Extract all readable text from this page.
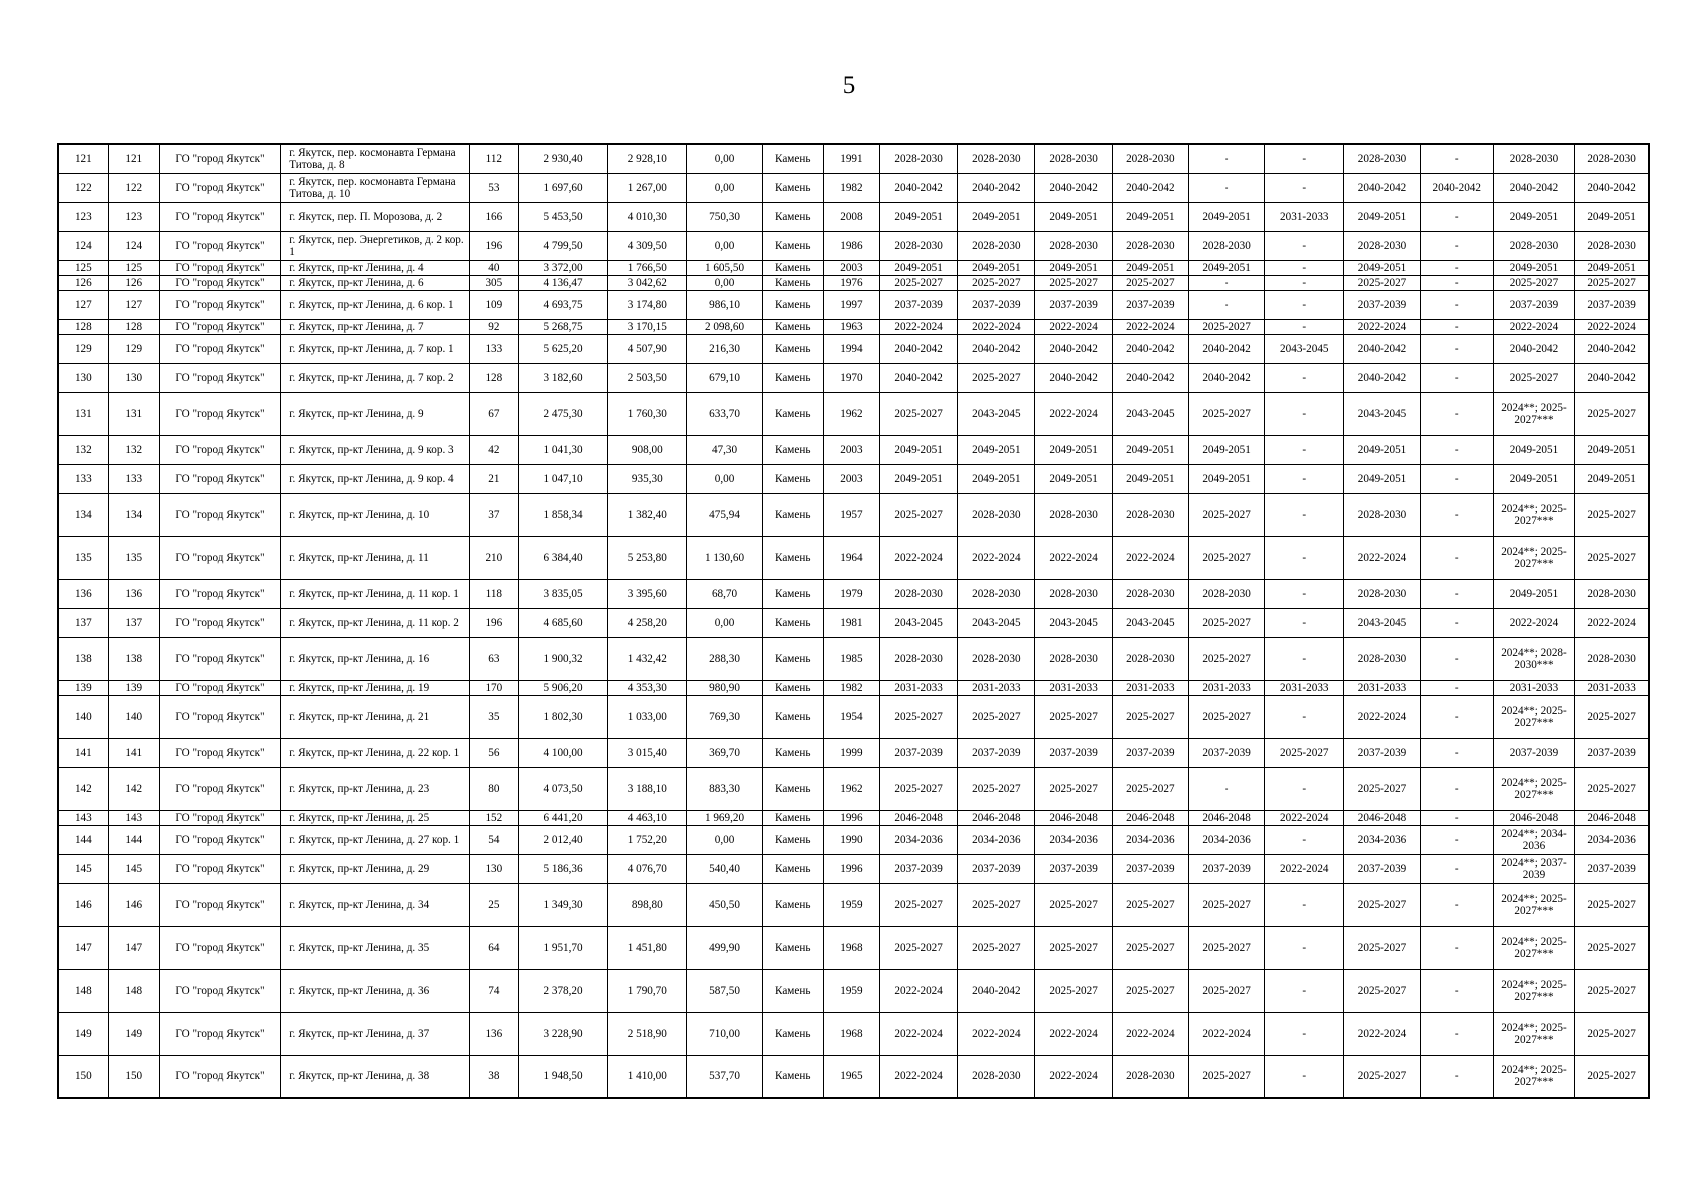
5
121	121	ГО "город Якутск"	г. Якутск, пер. космонавта Германа Титова, д. 8	112	2 930,40	2 928,10	0,00	Камень	1991	2028-2030	2028-2030	2028-2030	2028-2030	-	-	2028-2030	-	2028-2030	2028-2030
122	122	ГО "город Якутск"	г. Якутск, пер. космонавта Германа Титова, д. 10	53	1 697,60	1 267,00	0,00	Камень	1982	2040-2042	2040-2042	2040-2042	2040-2042	-	-	2040-2042	2040-2042	2040-2042	2040-2042
123	123	ГО "город Якутск"	г. Якутск, пер. П. Морозова, д. 2	166	5 453,50	4 010,30	750,30	Камень	2008	2049-2051	2049-2051	2049-2051	2049-2051	2049-2051	2031-2033	2049-2051	-	2049-2051	2049-2051
124	124	ГО "город Якутск"	г. Якутск, пер. Энергетиков, д. 2 кор. 1	196	4 799,50	4 309,50	0,00	Камень	1986	2028-2030	2028-2030	2028-2030	2028-2030	2028-2030	-	2028-2030	-	2028-2030	2028-2030
125	125	ГО "город Якутск"	г. Якутск, пр-кт Ленина, д. 4	40	3 372,00	1 766,50	1 605,50	Камень	2003	2049-2051	2049-2051	2049-2051	2049-2051	2049-2051	-	2049-2051	-	2049-2051	2049-2051
126	126	ГО "город Якутск"	г. Якутск, пр-кт Ленина, д. 6	305	4 136,47	3 042,62	0,00	Камень	1976	2025-2027	2025-2027	2025-2027	2025-2027	-	-	2025-2027	-	2025-2027	2025-2027
127	127	ГО "город Якутск"	г. Якутск, пр-кт Ленина, д. 6 кор. 1	109	4 693,75	3 174,80	986,10	Камень	1997	2037-2039	2037-2039	2037-2039	2037-2039	-	-	2037-2039	-	2037-2039	2037-2039
128	128	ГО "город Якутск"	г. Якутск, пр-кт Ленина, д. 7	92	5 268,75	3 170,15	2 098,60	Камень	1963	2022-2024	2022-2024	2022-2024	2022-2024	2025-2027	-	2022-2024	-	2022-2024	2022-2024
129	129	ГО "город Якутск"	г. Якутск, пр-кт Ленина, д. 7 кор. 1	133	5 625,20	4 507,90	216,30	Камень	1994	2040-2042	2040-2042	2040-2042	2040-2042	2040-2042	2043-2045	2040-2042	-	2040-2042	2040-2042
130	130	ГО "город Якутск"	г. Якутск, пр-кт Ленина, д. 7 кор. 2	128	3 182,60	2 503,50	679,10	Камень	1970	2040-2042	2025-2027	2040-2042	2040-2042	2040-2042	-	2040-2042	-	2025-2027	2040-2042
131	131	ГО "город Якутск"	г. Якутск, пр-кт Ленина, д. 9	67	2 475,30	1 760,30	633,70	Камень	1962	2025-2027	2043-2045	2022-2024	2043-2045	2025-2027	-	2043-2045	-	2024**; 2025-2027***	2025-2027
132	132	ГО "город Якутск"	г. Якутск, пр-кт Ленина, д. 9 кор. 3	42	1 041,30	908,00	47,30	Камень	2003	2049-2051	2049-2051	2049-2051	2049-2051	2049-2051	-	2049-2051	-	2049-2051	2049-2051
133	133	ГО "город Якутск"	г. Якутск, пр-кт Ленина, д. 9 кор. 4	21	1 047,10	935,30	0,00	Камень	2003	2049-2051	2049-2051	2049-2051	2049-2051	2049-2051	-	2049-2051	-	2049-2051	2049-2051
134	134	ГО "город Якутск"	г. Якутск, пр-кт Ленина, д. 10	37	1 858,34	1 382,40	475,94	Камень	1957	2025-2027	2028-2030	2028-2030	2028-2030	2025-2027	-	2028-2030	-	2024**; 2025-2027***	2025-2027
135	135	ГО "город Якутск"	г. Якутск, пр-кт Ленина, д. 11	210	6 384,40	5 253,80	1 130,60	Камень	1964	2022-2024	2022-2024	2022-2024	2022-2024	2025-2027	-	2022-2024	-	2024**; 2025-2027***	2025-2027
136	136	ГО "город Якутск"	г. Якутск, пр-кт Ленина, д. 11 кор. 1	118	3 835,05	3 395,60	68,70	Камень	1979	2028-2030	2028-2030	2028-2030	2028-2030	2028-2030	-	2028-2030	-	2049-2051	2028-2030
137	137	ГО "город Якутск"	г. Якутск, пр-кт Ленина, д. 11 кор. 2	196	4 685,60	4 258,20	0,00	Камень	1981	2043-2045	2043-2045	2043-2045	2043-2045	2025-2027	-	2043-2045	-	2022-2024	2022-2024
138	138	ГО "город Якутск"	г. Якутск, пр-кт Ленина, д. 16	63	1 900,32	1 432,42	288,30	Камень	1985	2028-2030	2028-2030	2028-2030	2028-2030	2025-2027	-	2028-2030	-	2024**; 2028-2030***	2028-2030
139	139	ГО "город Якутск"	г. Якутск, пр-кт Ленина, д. 19	170	5 906,20	4 353,30	980,90	Камень	1982	2031-2033	2031-2033	2031-2033	2031-2033	2031-2033	2031-2033	2031-2033	-	2031-2033	2031-2033
140	140	ГО "город Якутск"	г. Якутск, пр-кт Ленина, д. 21	35	1 802,30	1 033,00	769,30	Камень	1954	2025-2027	2025-2027	2025-2027	2025-2027	2025-2027	-	2022-2024	-	2024**; 2025-2027***	2025-2027
141	141	ГО "город Якутск"	г. Якутск, пр-кт Ленина, д. 22 кор. 1	56	4 100,00	3 015,40	369,70	Камень	1999	2037-2039	2037-2039	2037-2039	2037-2039	2037-2039	2025-2027	2037-2039	-	2037-2039	2037-2039
142	142	ГО "город Якутск"	г. Якутск, пр-кт Ленина, д. 23	80	4 073,50	3 188,10	883,30	Камень	1962	2025-2027	2025-2027	2025-2027	2025-2027	-	-	2025-2027	-	2024**; 2025-2027***	2025-2027
143	143	ГО "город Якутск"	г. Якутск, пр-кт Ленина, д. 25	152	6 441,20	4 463,10	1 969,20	Камень	1996	2046-2048	2046-2048	2046-2048	2046-2048	2046-2048	2022-2024	2046-2048	-	2046-2048	2046-2048
144	144	ГО "город Якутск"	г. Якутск, пр-кт Ленина, д. 27 кор. 1	54	2 012,40	1 752,20	0,00	Камень	1990	2034-2036	2034-2036	2034-2036	2034-2036	2034-2036	-	2034-2036	-	2024**; 2034-2036	2034-2036
145	145	ГО "город Якутск"	г. Якутск, пр-кт Ленина, д. 29	130	5 186,36	4 076,70	540,40	Камень	1996	2037-2039	2037-2039	2037-2039	2037-2039	2037-2039	2022-2024	2037-2039	-	2024**; 2037-2039	2037-2039
146	146	ГО "город Якутск"	г. Якутск, пр-кт Ленина, д. 34	25	1 349,30	898,80	450,50	Камень	1959	2025-2027	2025-2027	2025-2027	2025-2027	2025-2027	-	2025-2027	-	2024**; 2025-2027***	2025-2027
147	147	ГО "город Якутск"	г. Якутск, пр-кт Ленина, д. 35	64	1 951,70	1 451,80	499,90	Камень	1968	2025-2027	2025-2027	2025-2027	2025-2027	2025-2027	-	2025-2027	-	2024**; 2025-2027***	2025-2027
148	148	ГО "город Якутск"	г. Якутск, пр-кт Ленина, д. 36	74	2 378,20	1 790,70	587,50	Камень	1959	2022-2024	2040-2042	2025-2027	2025-2027	2025-2027	-	2025-2027	-	2024**; 2025-2027***	2025-2027
149	149	ГО "город Якутск"	г. Якутск, пр-кт Ленина, д. 37	136	3 228,90	2 518,90	710,00	Камень	1968	2022-2024	2022-2024	2022-2024	2022-2024	2022-2024	-	2022-2024	-	2024**; 2025-2027***	2025-2027
150	150	ГО "город Якутск"	г. Якутск, пр-кт Ленина, д. 38	38	1 948,50	1 410,00	537,70	Камень	1965	2022-2024	2028-2030	2022-2024	2028-2030	2025-2027	-	2025-2027	-	2024**; 2025-2027***	2025-2027
